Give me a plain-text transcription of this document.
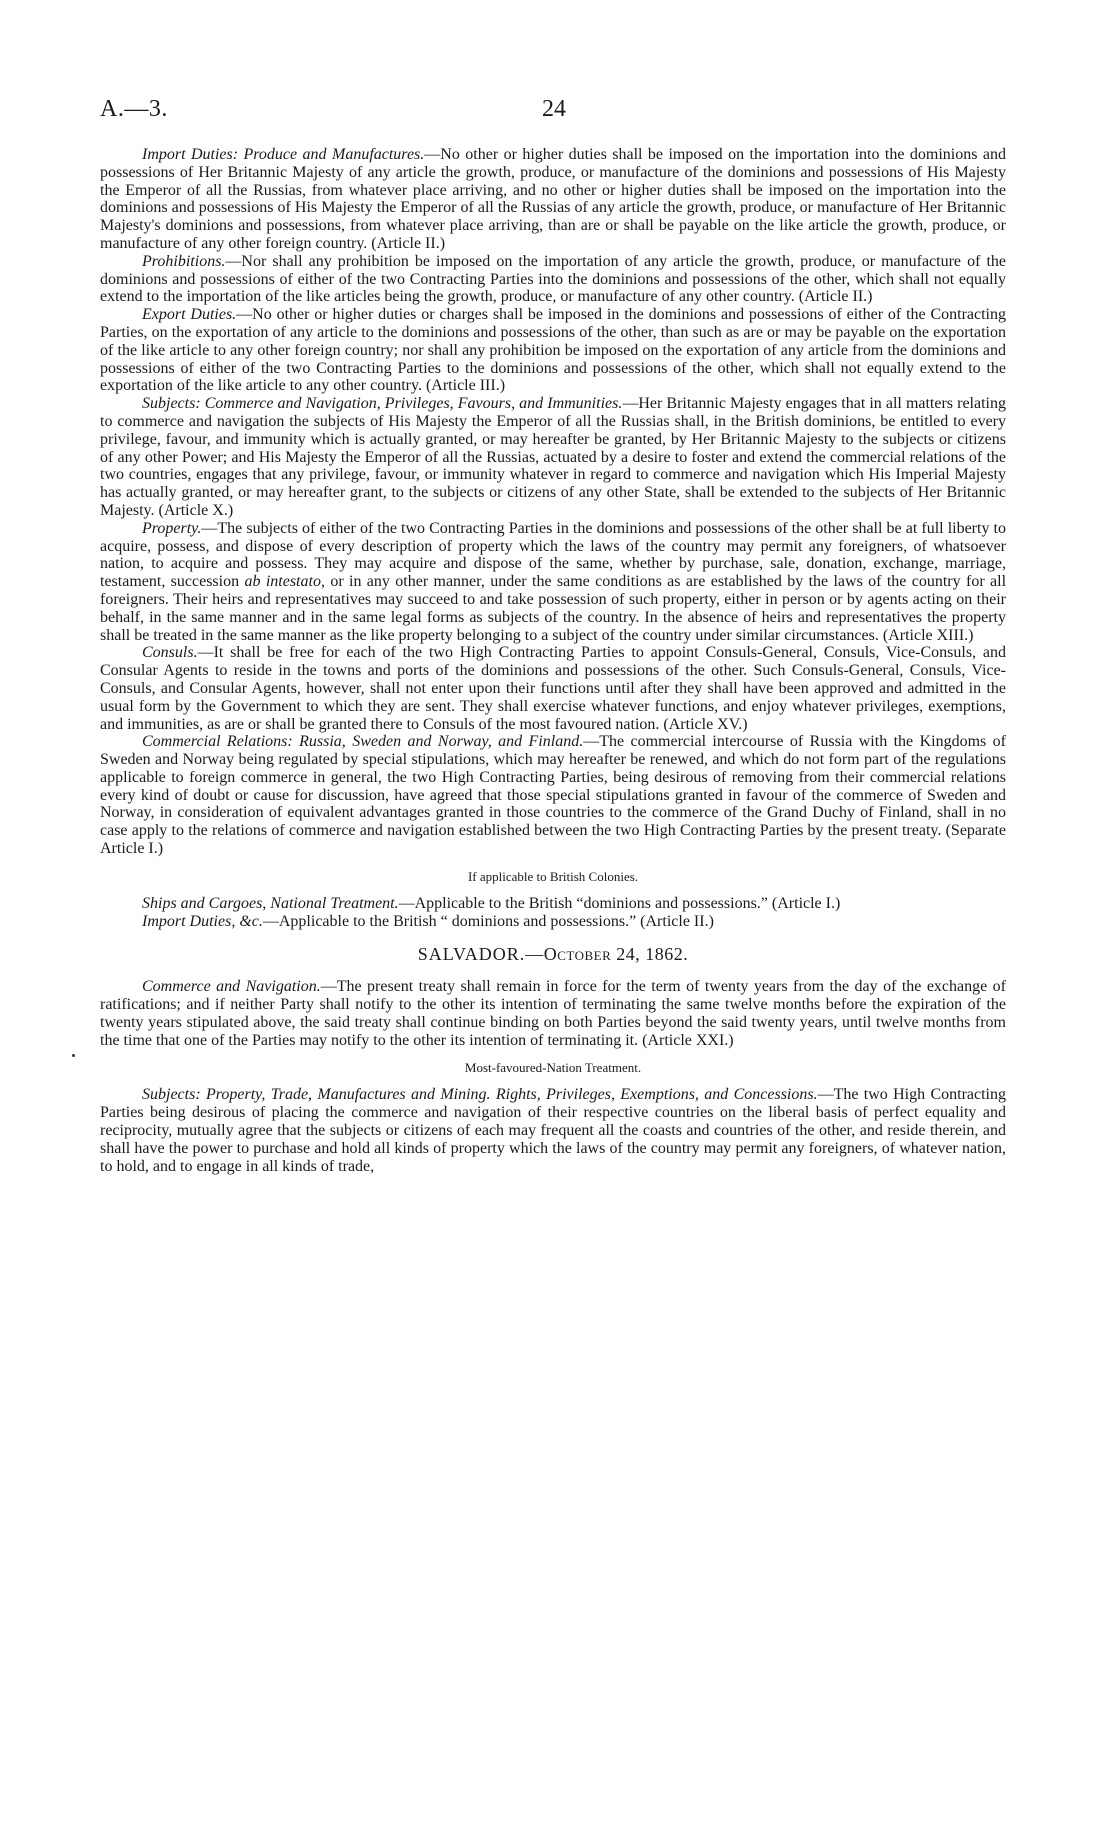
A.—3.	24

Import Duties: Produce and Manufactures.—No other or higher duties shall be imposed on the importation into the dominions and possessions of Her Britannic Majesty of any article the growth, produce, or manufacture of the dominions and possessions of His Majesty the Emperor of all the Russias, from whatever place arriving, and no other or higher duties shall be imposed on the importation into the dominions and possessions of His Majesty the Emperor of all the Russias of any article the growth, produce, or manufacture of Her Britannic Majesty's dominions and possessions, from whatever place arriving, than are or shall be payable on the like article the growth, produce, or manufacture of any other foreign country. (Article II.)

Prohibitions.—Nor shall any prohibition be imposed on the importation of any article the growth, produce, or manufacture of the dominions and possessions of either of the two Contracting Parties into the dominions and possessions of the other, which shall not equally extend to the importation of the like articles being the growth, produce, or manufacture of any other country. (Article II.)

Export Duties.—No other or higher duties or charges shall be imposed in the dominions and possessions of either of the Contracting Parties, on the exportation of any article to the dominions and possessions of the other, than such as are or may be payable on the exportation of the like article to any other foreign country; nor shall any prohibition be imposed on the exportation of any article from the dominions and possessions of either of the two Contracting Parties to the dominions and possessions of the other, which shall not equally extend to the exportation of the like article to any other country. (Article III.)

Subjects: Commerce and Navigation, Privileges, Favours, and Immunities.—Her Britannic Majesty engages that in all matters relating to commerce and navigation the subjects of His Majesty the Emperor of all the Russias shall, in the British dominions, be entitled to every privilege, favour, and immunity which is actually granted, or may hereafter be granted, by Her Britannic Majesty to the subjects or citizens of any other Power; and His Majesty the Emperor of all the Russias, actuated by a desire to foster and extend the commercial relations of the two countries, engages that any privilege, favour, or immunity whatever in regard to commerce and navigation which His Imperial Majesty has actually granted, or may hereafter grant, to the subjects or citizens of any other State, shall be extended to the subjects of Her Britannic Majesty. (Article X.)

Property.—The subjects of either of the two Contracting Parties in the dominions and possessions of the other shall be at full liberty to acquire, possess, and dispose of every description of property which the laws of the country may permit any foreigners, of whatsoever nation, to acquire and possess. They may acquire and dispose of the same, whether by purchase, sale, donation, exchange, marriage, testament, succession ab intestato, or in any other manner, under the same conditions as are established by the laws of the country for all foreigners. Their heirs and representatives may succeed to and take possession of such property, either in person or by agents acting on their behalf, in the same manner and in the same legal forms as subjects of the country. In the absence of heirs and representatives the property shall be treated in the same manner as the like property belonging to a subject of the country under similar circumstances. (Article XIII.)

Consuls.—It shall be free for each of the two High Contracting Parties to appoint Consuls-General, Consuls, Vice-Consuls, and Consular Agents to reside in the towns and ports of the dominions and possessions of the other. Such Consuls-General, Consuls, Vice-Consuls, and Consular Agents, however, shall not enter upon their functions until after they shall have been approved and admitted in the usual form by the Government to which they are sent. They shall exercise whatever functions, and enjoy whatever privileges, exemptions, and immunities, as are or shall be granted there to Consuls of the most favoured nation. (Article XV.)

Commercial Relations: Russia, Sweden and Norway, and Finland.—The commercial intercourse of Russia with the Kingdoms of Sweden and Norway being regulated by special stipulations, which may hereafter be renewed, and which do not form part of the regulations applicable to foreign commerce in general, the two High Contracting Parties, being desirous of removing from their commercial relations every kind of doubt or cause for discussion, have agreed that those special stipulations granted in favour of the commerce of Sweden and Norway, in consideration of equivalent advantages granted in those countries to the commerce of the Grand Duchy of Finland, shall in no case apply to the relations of commerce and navigation established between the two High Contracting Parties by the present treaty. (Separate Article I.)

If applicable to British Colonies.

Ships and Cargoes, National Treatment.—Applicable to the British “dominions and possessions.” (Article I.)

Import Duties, &c.—Applicable to the British “ dominions and possessions.” (Article II.)

SALVADOR.—October 24, 1862.

Commerce and Navigation.—The present treaty shall remain in force for the term of twenty years from the day of the exchange of ratifications; and if neither Party shall notify to the other its intention of terminating the same twelve months before the expiration of the twenty years stipulated above, the said treaty shall continue binding on both Parties beyond the said twenty years, until twelve months from the time that one of the Parties may notify to the other its intention of terminating it. (Article XXI.)

Most-favoured-Nation Treatment.

Subjects: Property, Trade, Manufactures and Mining. Rights, Privileges, Exemptions, and Concessions.—The two High Contracting Parties being desirous of placing the commerce and navigation of their respective countries on the liberal basis of perfect equality and reciprocity, mutually agree that the subjects or citizens of each may frequent all the coasts and countries of the other, and reside therein, and shall have the power to purchase and hold all kinds of property which the laws of the country may permit any foreigners, of whatever nation, to hold, and to engage in all kinds of trade,
